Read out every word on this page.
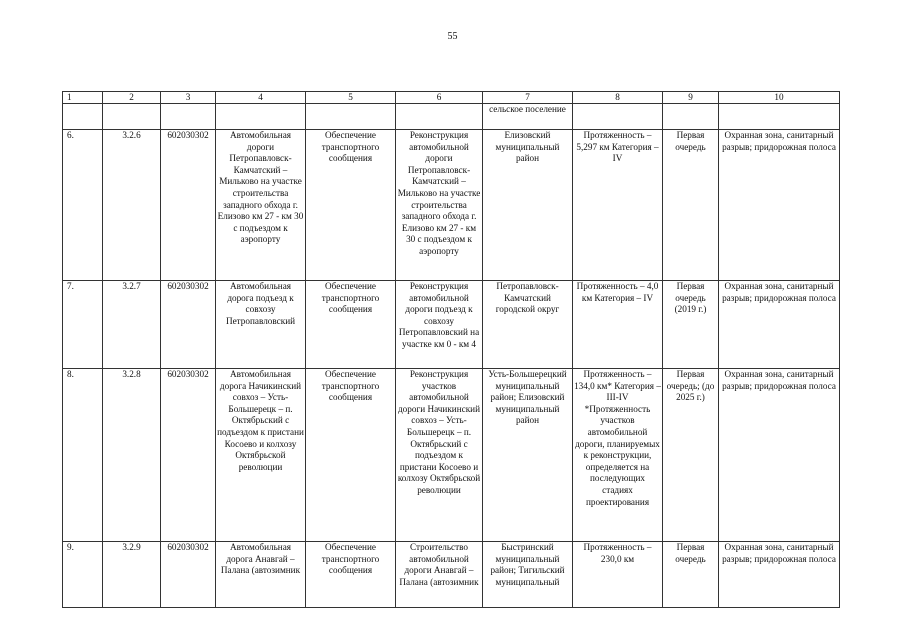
55
1	2	3	4	5	6	7	8	9	10
						сельское поселение			
6.	3.2.6	602030302	Автомобильная дороги Петропавловск-Камчатский – Мильково на участке строительства западного обхода г. Елизово км 27 - км 30 с подъездом к аэропорту	Обеспечение транспортного сообщения	Реконструкция автомобильной дороги Петропавловск-Камчатский – Мильково на участке строительства западного обхода г. Елизово км 27 - км 30 с подъездом к аэропорту	Елизовский муниципальный район	Протяженность – 5,297 км Категория – IV	Первая очередь	Охранная зона, санитарный разрыв; придорожная полоса
7.	3.2.7	602030302	Автомобильная дорога подъезд к совхозу Петропавловский	Обеспечение транспортного сообщения	Реконструкция автомобильной дороги подъезд к совхозу Петропавловский на участке км 0 - км 4	Петропавловск-Камчатский городской округ	Протяженность – 4,0 км Категория – IV	Первая очередь (2019 г.)	Охранная зона, санитарный разрыв; придорожная полоса
8.	3.2.8	602030302	Автомобильная дорога Начикинский совхоз – Усть-Большерецк – п. Октябрьский с подъездом к пристани Косоево и колхозу Октябрьской революции	Обеспечение транспортного сообщения	Реконструкция участков автомобильной дороги Начикинский совхоз – Усть-Большерецк – п. Октябрьский с подъездом к пристани Косоево и колхозу Октябрьской революции	Усть-Большерецкий муниципальный район; Елизовский муниципальный район	Протяженность – 134,0 км* Категория – III-IV *Протяженность участков автомобильной дороги, планируемых к реконструкции, определяется на последующих стадиях проектирования	Первая очередь; (до 2025 г.)	Охранная зона, санитарный разрыв; придорожная полоса
9.	3.2.9	602030302	Автомобильная дорога Анавгай – Палана (автозимник	Обеспечение транспортного сообщения	Строительство автомобильной дороги Анавгай – Палана (автозимник	Быстринский муниципальный район; Тигильский муниципальный	Протяженность – 230,0 км	Первая очередь	Охранная зона, санитарный разрыв; придорожная полоса
